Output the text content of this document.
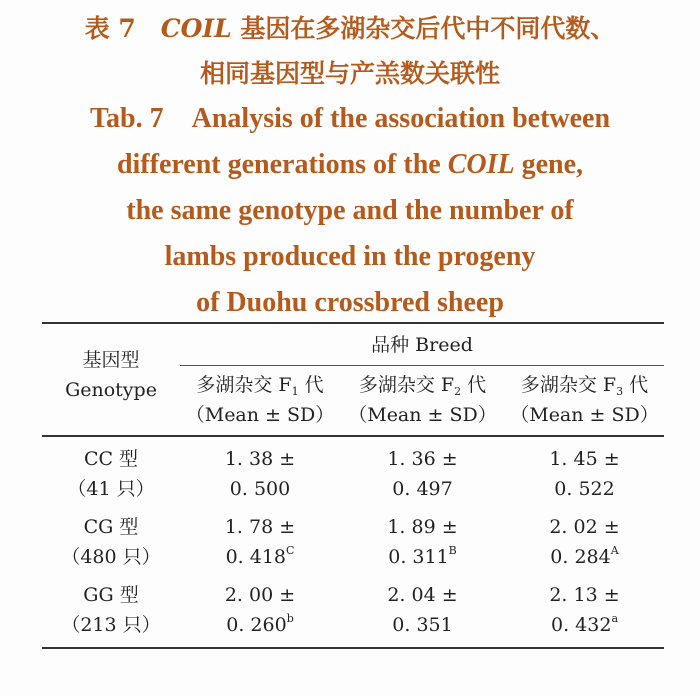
表 7　COIL 基因在多湖杂交后代中不同代数、
相同基因型与产羔数关联性
Tab. 7　Analysis of the association between
different generations of the COIL gene,
the same genotype and the number of
lambs produced in the progeny
of Duohu crossbred sheep
基因型
Genotype
品种 Breed
多湖杂交 $F_1$ 代
（Mean ± SD）
多湖杂交 $F_2$ 代
（Mean ± SD）
多湖杂交 $F_3$ 代
（Mean ± SD）
CC 型
（41 只）
1. 38 ±
0. 500
1. 36 ±
0. 497
1. 45 ±
0. 522
CG 型
（480 只）
1. 78 ±
0. $418^C$
1. 89 ±
0. $311^B$
2. 02 ±
0. $284^A$
GG 型
（213 只）
2. 00 ±
0. 260$^b$
2. 04 ±
0. 351
2. 13 ±
0. 432$^a$
